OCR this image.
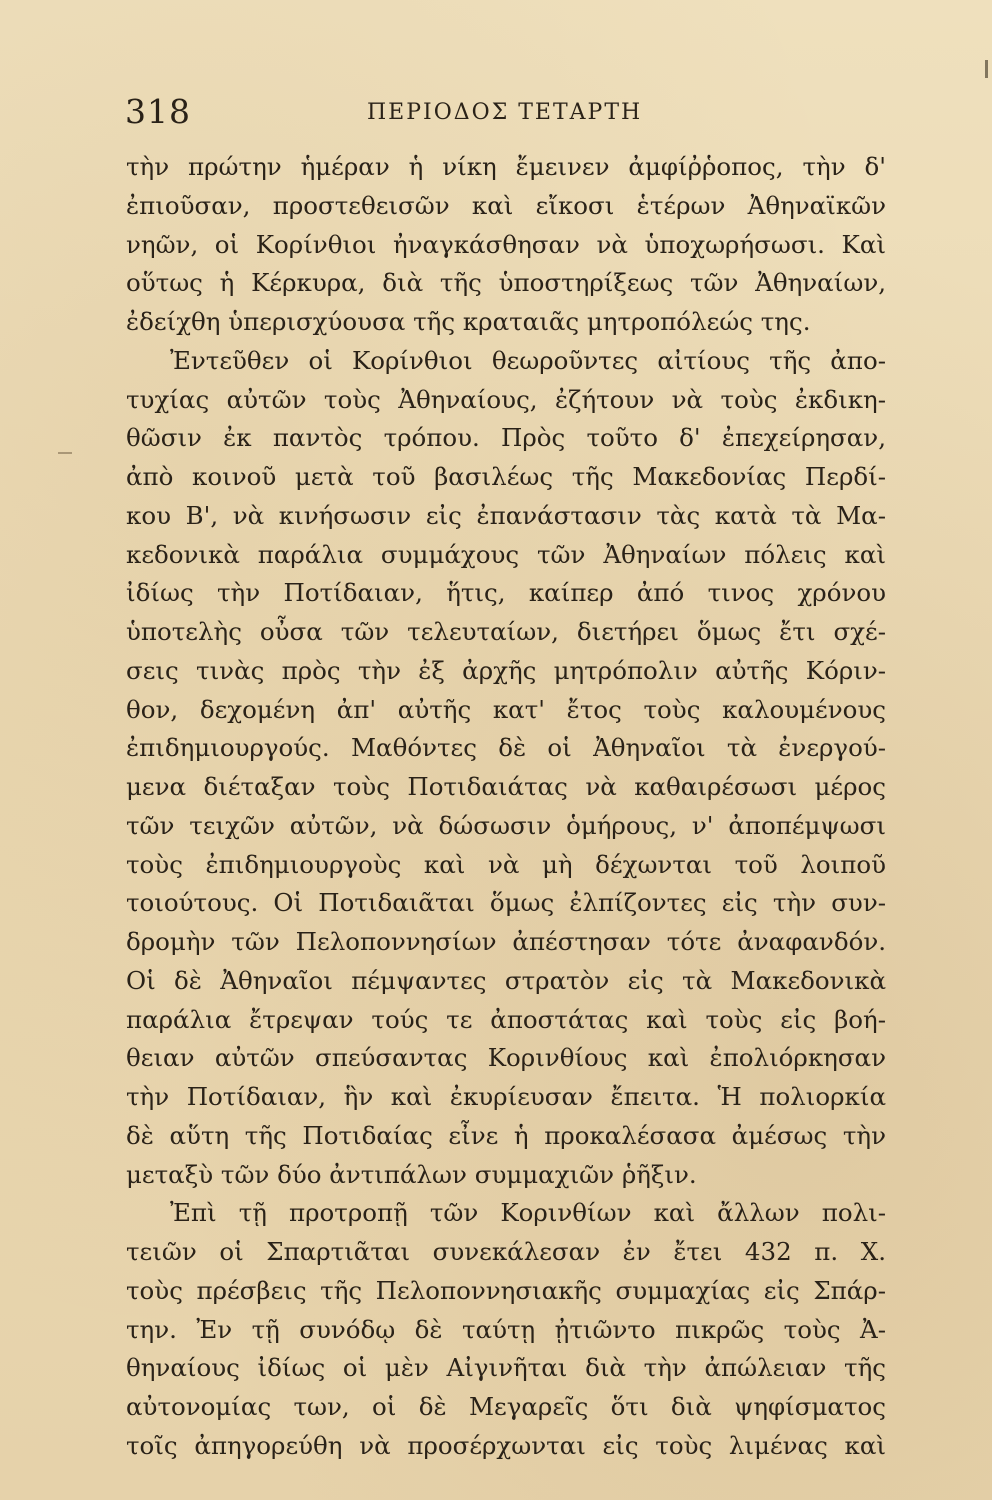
318	ΠΕΡΙΟΔΟΣ ΤΕΤΑΡΤΗ
τὴν πρώτην ἡμέραν ἡ νίκη ἔμεινεν ἀμφίῤῥοπος, τὴν δ'
ἐπιοῦσαν, προστεθεισῶν καὶ εἴκοσι ἑτέρων Ἀθηναϊκῶν
νηῶν, οἱ Κορίνθιοι ἠναγκάσθησαν νὰ ὑποχωρήσωσι. Καὶ
οὕτως ἡ Κέρκυρα, διὰ τῆς ὑποστηρίξεως τῶν Ἀθηναίων,
ἐδείχθη ὑπερισχύουσα τῆς κραταιᾶς μητροπόλεώς της.
Ἐντεῦθεν οἱ Κορίνθιοι θεωροῦντες αἰτίους τῆς ἀπο-
τυχίας αὐτῶν τοὺς Ἀθηναίους, ἐζήτουν νὰ τοὺς ἐκδικη-
θῶσιν ἐκ παντὸς τρόπου. Πρὸς τοῦτο δ' ἐπεχείρησαν,
ἀπὸ κοινοῦ μετὰ τοῦ βασιλέως τῆς Μακεδονίας Περδί-
κου Β', νὰ κινήσωσιν εἰς ἐπανάστασιν τὰς κατὰ τὰ Μα-
κεδονικὰ παράλια συμμάχους τῶν Ἀθηναίων πόλεις καὶ
ἰδίως τὴν Ποτίδαιαν, ἥτις, καίπερ ἀπό τινος χρόνου
ὑποτελὴς οὖσα τῶν τελευταίων, διετήρει ὅμως ἔτι σχέ-
σεις τινὰς πρὸς τὴν ἐξ ἀρχῆς μητρόπολιν αὐτῆς Κόριν-
θον, δεχομένη ἀπ' αὐτῆς κατ' ἔτος τοὺς καλουμένους
ἐπιδημιουργούς. Μαθόντες δὲ οἱ Ἀθηναῖοι τὰ ἐνεργού-
μενα διέταξαν τοὺς Ποτιδαιάτας νὰ καθαιρέσωσι μέρος
τῶν τειχῶν αὐτῶν, νὰ δώσωσιν ὁμήρους, ν' ἀποπέμψωσι
τοὺς ἐπιδημιουργοὺς καὶ νὰ μὴ δέχωνται τοῦ λοιποῦ
τοιούτους. Οἱ Ποτιδαιᾶται ὅμως ἐλπίζοντες εἰς τὴν συν-
δρομὴν τῶν Πελοποννησίων ἀπέστησαν τότε ἀναφανδόν.
Οἱ δὲ Ἀθηναῖοι πέμψαντες στρατὸν εἰς τὰ Μακεδονικὰ
παράλια ἔτρεψαν τούς τε ἀποστάτας καὶ τοὺς εἰς βοή-
θειαν αὐτῶν σπεύσαντας Κορινθίους καὶ ἐπολιόρκησαν
τὴν Ποτίδαιαν, ἣν καὶ ἐκυρίευσαν ἔπειτα. Ἡ πολιορκία
δὲ αὕτη τῆς Ποτιδαίας εἶνε ἡ προκαλέσασα ἀμέσως τὴν
μεταξὺ τῶν δύο ἀντιπάλων συμμαχιῶν ῥῆξιν.
Ἐπὶ τῇ προτροπῇ τῶν Κορινθίων καὶ ἄλλων πολι-
τειῶν οἱ Σπαρτιᾶται συνεκάλεσαν ἐν ἔτει 432 π. Χ.
τοὺς πρέσβεις τῆς Πελοποννησιακῆς συμμαχίας εἰς Σπάρ-
την. Ἐν τῇ συνόδῳ δὲ ταύτῃ ᾐτιῶντο πικρῶς τοὺς Ἀ-
θηναίους ἰδίως οἱ μὲν Αἰγινῆται διὰ τὴν ἀπώλειαν τῆς
αὐτονομίας των, οἱ δὲ Μεγαρεῖς ὅτι διὰ ψηφίσματος
τοῖς ἀπηγορεύθη νὰ προσέρχωνται εἰς τοὺς λιμένας καὶ
